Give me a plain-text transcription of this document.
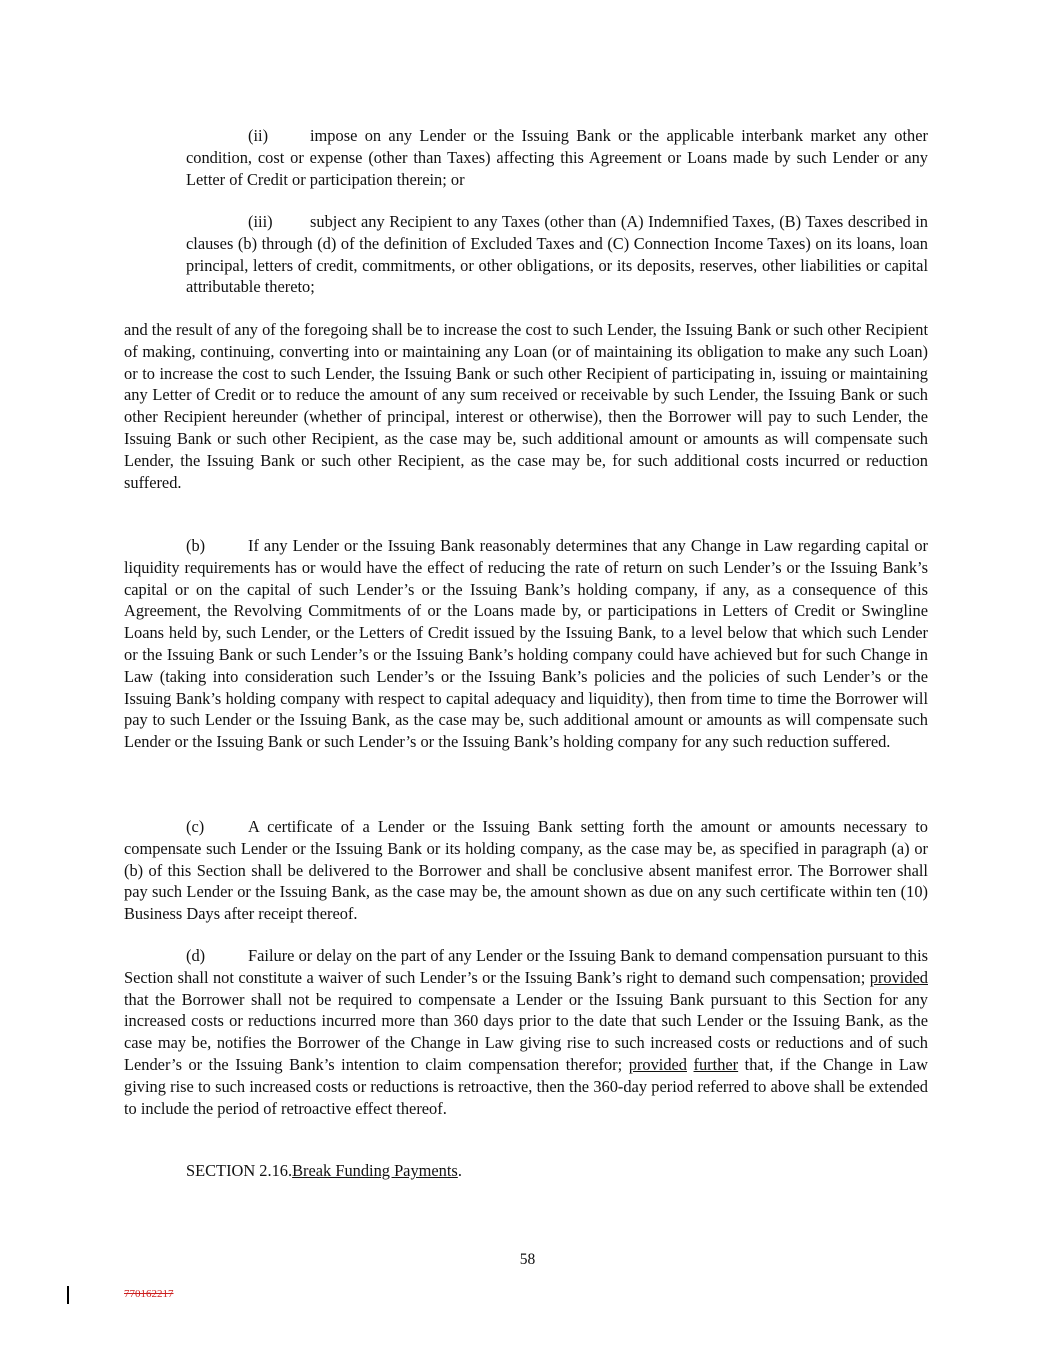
(ii)	impose on any Lender or the Issuing Bank or the applicable interbank market any other condition, cost or expense (other than Taxes) affecting this Agreement or Loans made by such Lender or any Letter of Credit or participation therein; or

(iii) subject any Recipient to any Taxes (other than (A) Indemnified Taxes, (B) Taxes described in clauses (b) through (d) of the definition of Excluded Taxes and (C) Connection Income Taxes) on its loans, loan principal, letters of credit, commitments, or other obligations, or its deposits, reserves, other liabilities or capital attributable thereto;

and the result of any of the foregoing shall be to increase the cost to such Lender, the Issuing Bank or such other Recipient of making, continuing, converting into or maintaining any Loan (or of maintaining its obligation to make any such Loan) or to increase the cost to such Lender, the Issuing Bank or such other Recipient of participating in, issuing or maintaining any Letter of Credit or to reduce the amount of any sum received or receivable by such Lender, the Issuing Bank or such other Recipient hereunder (whether of principal, interest or otherwise), then the Borrower will pay to such Lender, the Issuing Bank or such other Recipient, as the case may be, such additional amount or amounts as will compensate such Lender, the Issuing Bank or such other Recipient, as the case may be, for such additional costs incurred or reduction suffered.

(b)	If any Lender or the Issuing Bank reasonably determines that any Change in Law regarding capital or liquidity requirements has or would have the effect of reducing the rate of return on such Lender’s or the Issuing Bank’s capital or on the capital of such Lender’s or the Issuing Bank’s holding company, if any, as a consequence of this Agreement, the Revolving Commitments of or the Loans made by, or participations in Letters of Credit or Swingline Loans held by, such Lender, or the Letters of Credit issued by the Issuing Bank, to a level below that which such Lender or the Issuing Bank or such Lender’s or the Issuing Bank’s holding company could have achieved but for such Change in Law (taking into consideration such Lender’s or the Issuing Bank’s policies and the policies of such Lender’s or the Issuing Bank’s holding company with respect to capital adequacy and liquidity), then from time to time the Borrower will pay to such Lender or the Issuing Bank, as the case may be, such additional amount or amounts as will compensate such Lender or the Issuing Bank or such Lender’s or the Issuing Bank’s holding company for any such reduction suffered.

(c)	A certificate of a Lender or the Issuing Bank setting forth the amount or amounts necessary to compensate such Lender or the Issuing Bank or its holding company, as the case may be, as specified in paragraph (a) or (b) of this Section shall be delivered to the Borrower and shall be conclusive absent manifest error. The Borrower shall pay such Lender or the Issuing Bank, as the case may be, the amount shown as due on any such certificate within ten (10) Business Days after receipt thereof.

(d)	Failure or delay on the part of any Lender or the Issuing Bank to demand compensation pursuant to this Section shall not constitute a waiver of such Lender’s or the Issuing Bank’s right to demand such compensation; provided that the Borrower shall not be required to compensate a Lender or the Issuing Bank pursuant to this Section for any increased costs or reductions incurred more than 360 days prior to the date that such Lender or the Issuing Bank, as the case may be, notifies the Borrower of the Change in Law giving rise to such increased costs or reductions and of such Lender’s or the Issuing Bank’s intention to claim compensation therefor; provided further that, if the Change in Law giving rise to such increased costs or reductions is retroactive, then the 360-day period referred to above shall be extended to include the period of retroactive effect thereof.

SECTION 2.16.Break Funding Payments.
58
770162217
